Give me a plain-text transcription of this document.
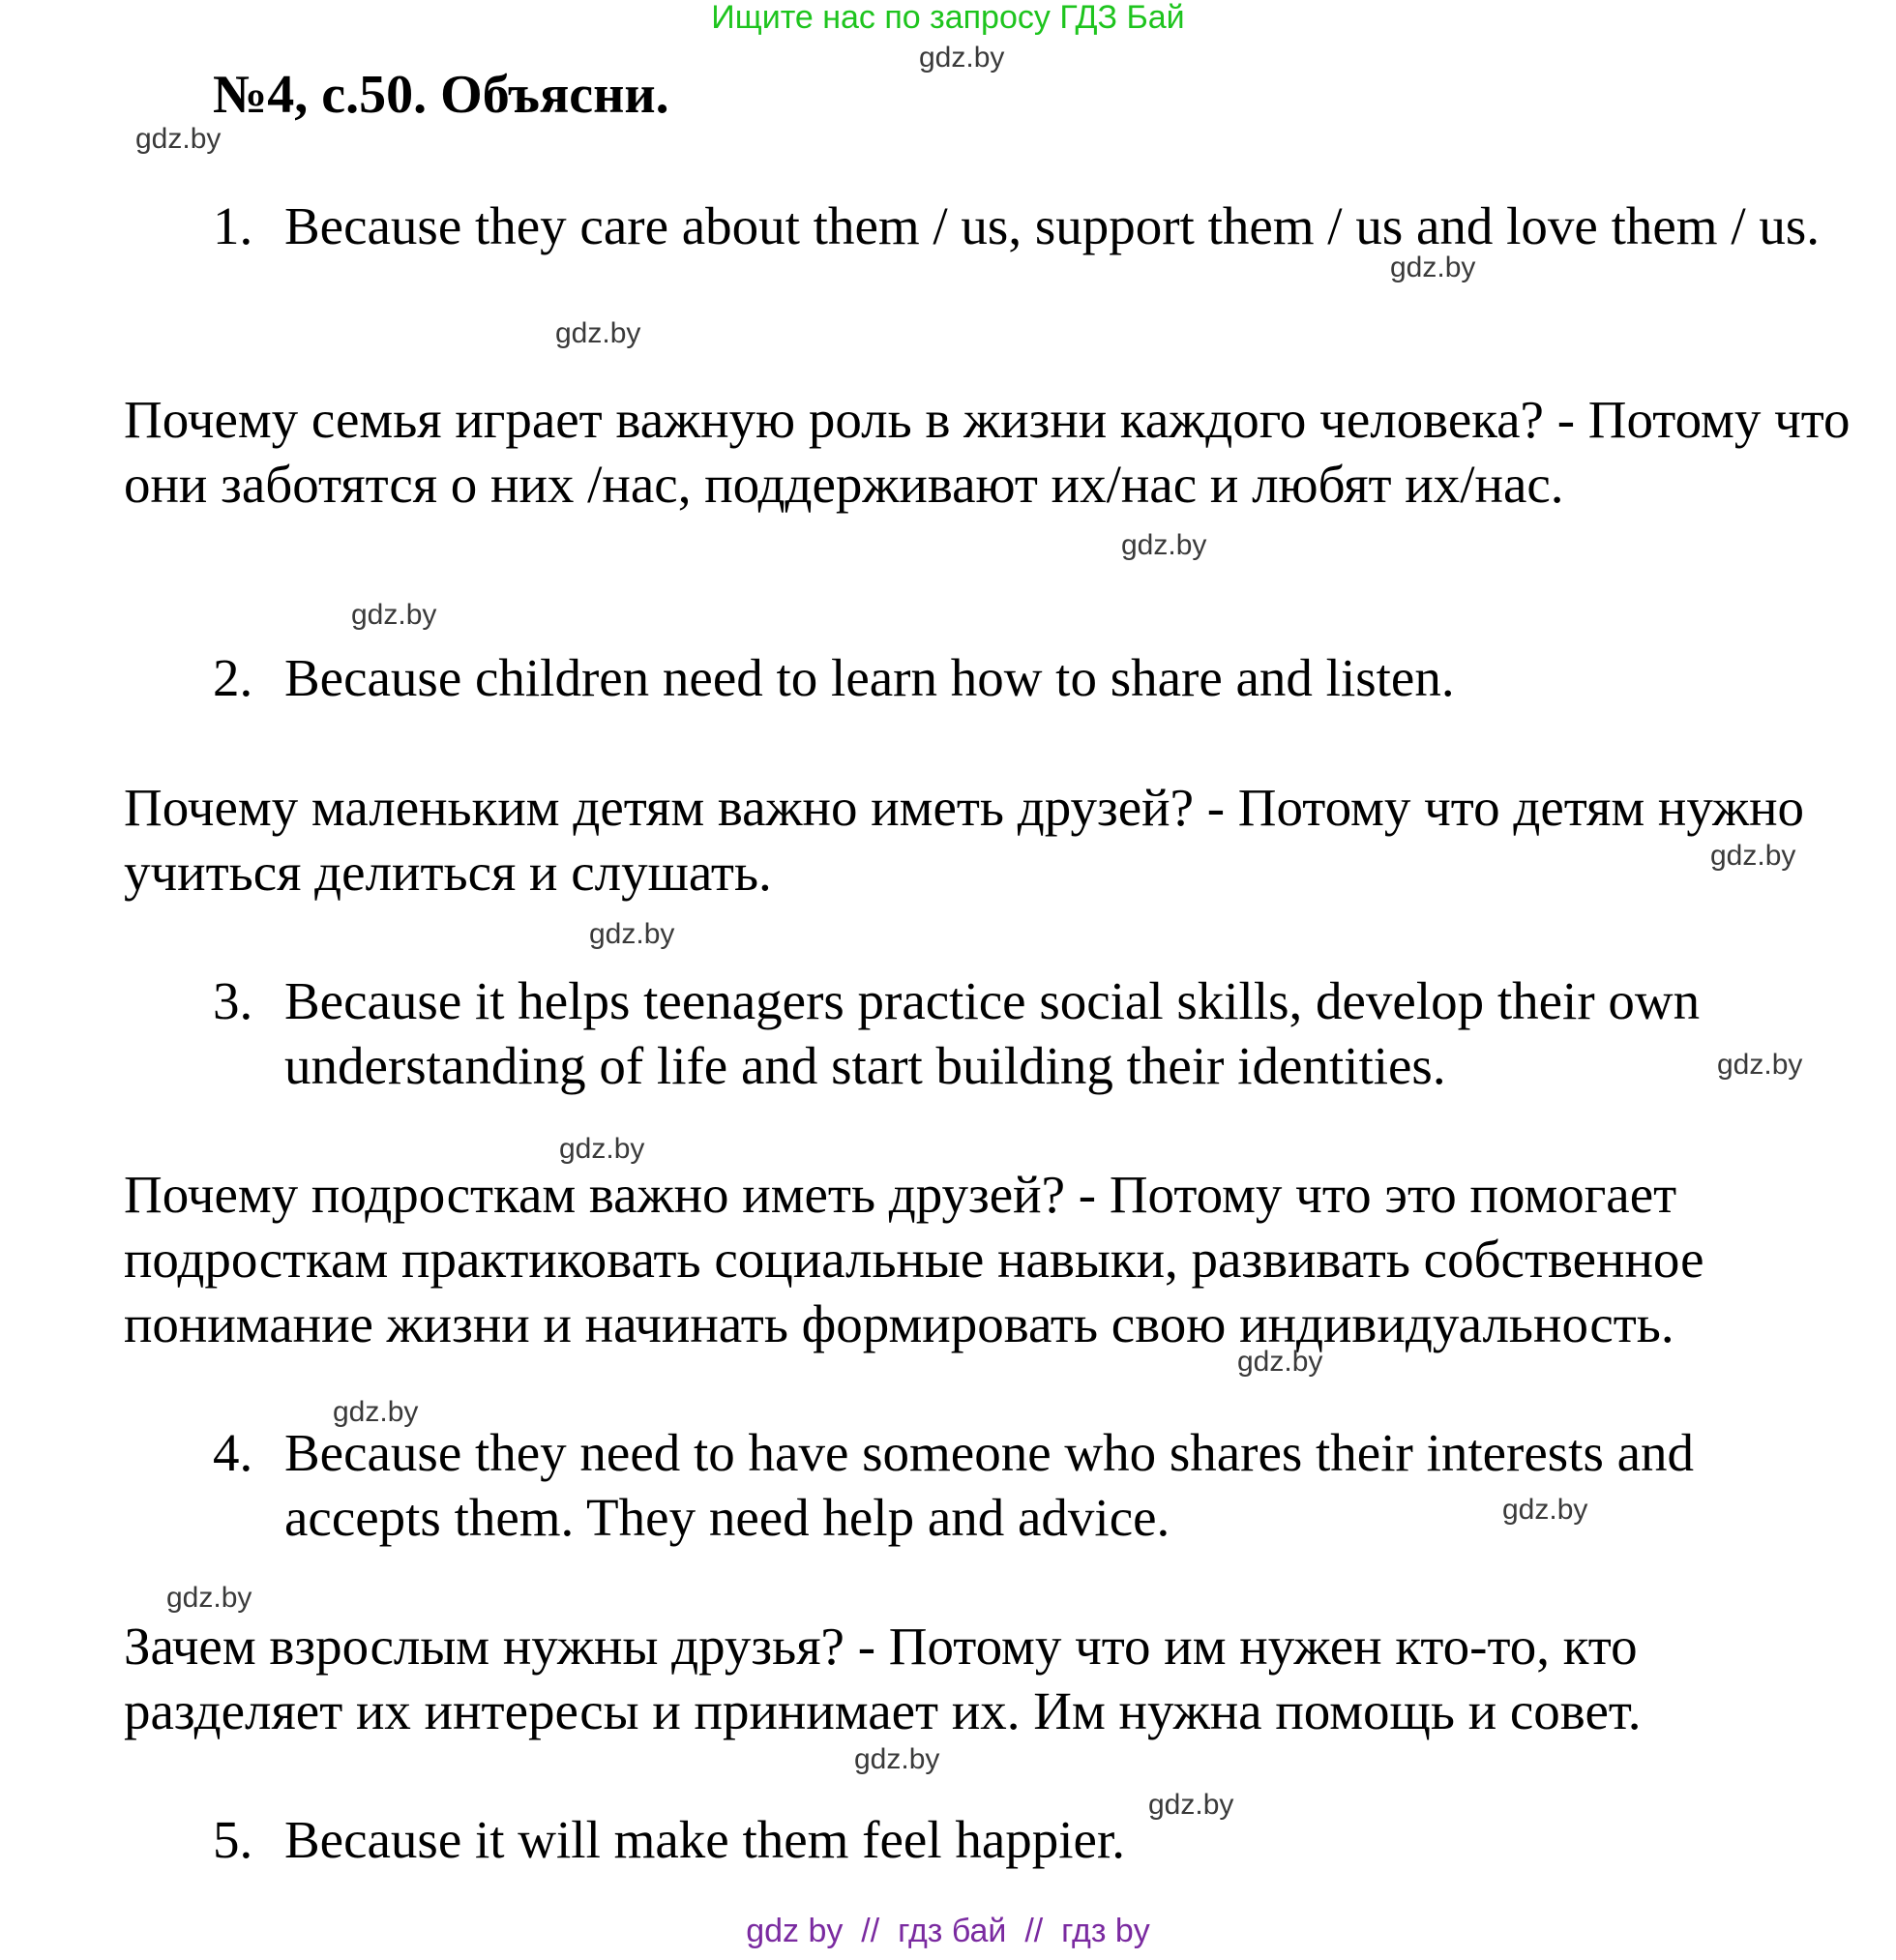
Ищите нас по запросу ГДЗ Бай

№4, с.50. Объясни.
1. Because they care about them / us, support them / us and love them / us.

Почему семья играет важную роль в жизни каждого человека? - Потому что они заботятся о них /нас, поддерживают их/нас и любят их/нас.

2. Because children need to learn how to share and listen.

Почему маленьким детям важно иметь друзей? - Потому что детям нужно учиться делиться и слушать.

3. Because it helps teenagers practice social skills, develop their own understanding of life and start building their identities.

Почему подросткам важно иметь друзей? - Потому что это помогает подросткам практиковать социальные навыки, развивать собственное понимание жизни и начинать формировать свою индивидуальность.

4. Because they need to have someone who shares their interests and accepts them. They need help and advice.

Зачем взрослым нужны друзья? - Потому что им нужен кто-то, кто разделяет их интересы и принимает их. Им нужна помощь и совет.

5. Because it will make them feel happier.
gdz.by
gdz.by
gdz.by
gdz.by
gdz.by
gdz.by
gdz.by
gdz.by
gdz.by
gdz.by
gdz.by
gdz.by
gdz.by
gdz.by
gdz.by
gdz.by

gdz by  //  гдз бай  //  гдз by
